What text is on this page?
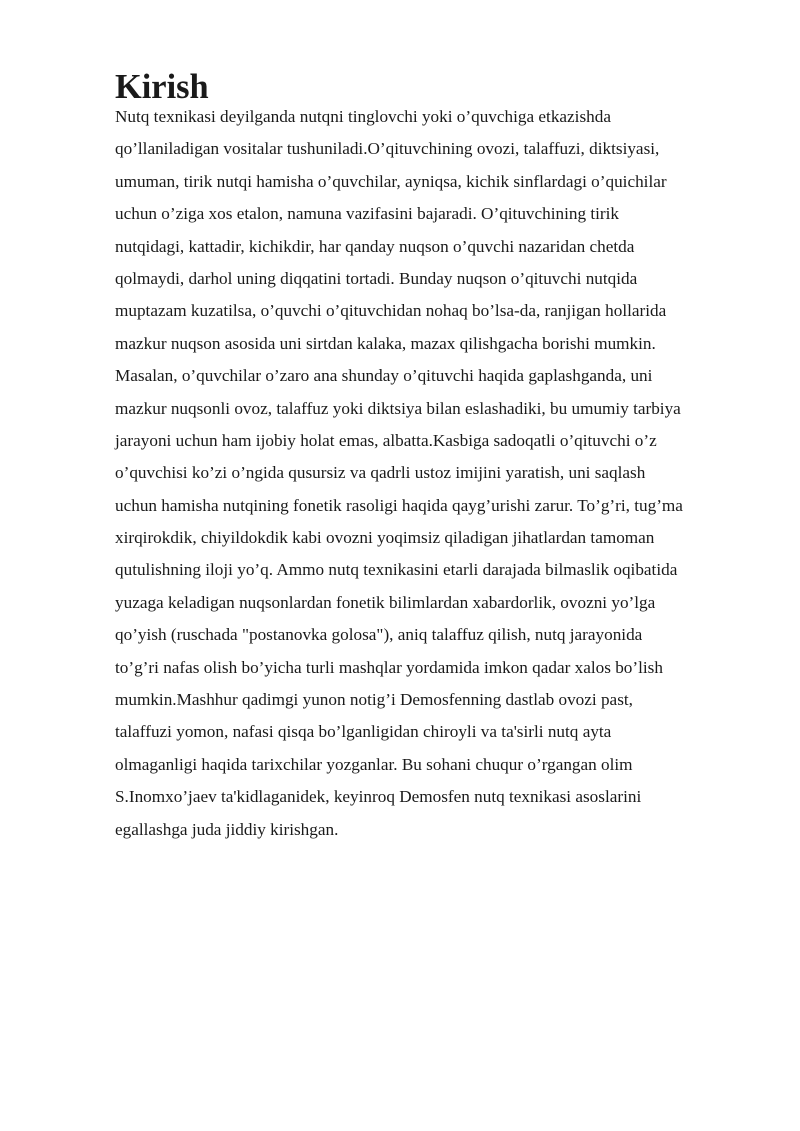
Kirish
Nutq texnikasi deyilganda nutqni tinglovchi yoki o’quvchiga etkazishda
qo’llaniladigan vositalar tushuniladi.O’qituvchining ovozi, talaffuzi, diktsiyasi,
umuman, tirik nutqi hamisha o’quvchilar, ayniqsa, kichik sinflardagi o’quichilar
uchun o’ziga xos etalon, namuna vazifasini bajaradi. O’qituvchining tirik
nutqidagi, kattadir, kichikdir, har qanday nuqson o’quvchi nazaridan chetda
qolmaydi, darhol uning diqqatini tortadi. Bunday nuqson o’qituvchi nutqida
muptazam kuzatilsa, o’quvchi o’qituvchidan nohaq bo’lsa-da, ranjigan hollarida
mazkur nuqson asosida uni sirtdan kalaka, mazax qilishgacha borishi mumkin.
Masalan, o’quvchilar o’zaro ana shunday o’qituvchi haqida gaplashganda, uni
mazkur nuqsonli ovoz, talaffuz yoki diktsiya bilan eslashadiki, bu umumiy tarbiya
jarayoni uchun ham ijobiy holat emas, albatta.Kasbiga sadoqatli o’qituvchi o’z
o’quvchisi ko’zi o’ngida qusursiz va qadrli ustoz imijini yaratish, uni saqlash
uchun hamisha nutqining fonetik rasoligi haqida qayg’urishi zarur. To’g’ri, tug’ma
xirqirokdik, chiyildokdik kabi ovozni yoqimsiz qiladigan jihatlardan tamoman
qutulishning iloji yo’q. Ammo nutq texnikasini etarli darajada bilmaslik oqibatida
yuzaga keladigan nuqsonlardan fonetik bilimlardan xabardorlik, ovozni yo’lga
qo’yish (ruschada "postanovka golosa"), aniq talaffuz qilish, nutq jarayonida
to’g’ri nafas olish bo’yicha turli mashqlar yordamida imkon qadar xalos bo’lish
mumkin.Mashhur qadimgi yunon notig’i Demosfenning dastlab ovozi past,
talaffuzi yomon, nafasi qisqa bo’lganligidan chiroyli va ta'sirli nutq ayta
olmaganligi haqida tarixchilar yozganlar. Bu sohani chuqur o’rgangan olim
S.Inomxo’jaev ta'kidlaganidek, keyinroq Demosfen nutq texnikasi asoslarini
egallashga juda jiddiy kirishgan.
